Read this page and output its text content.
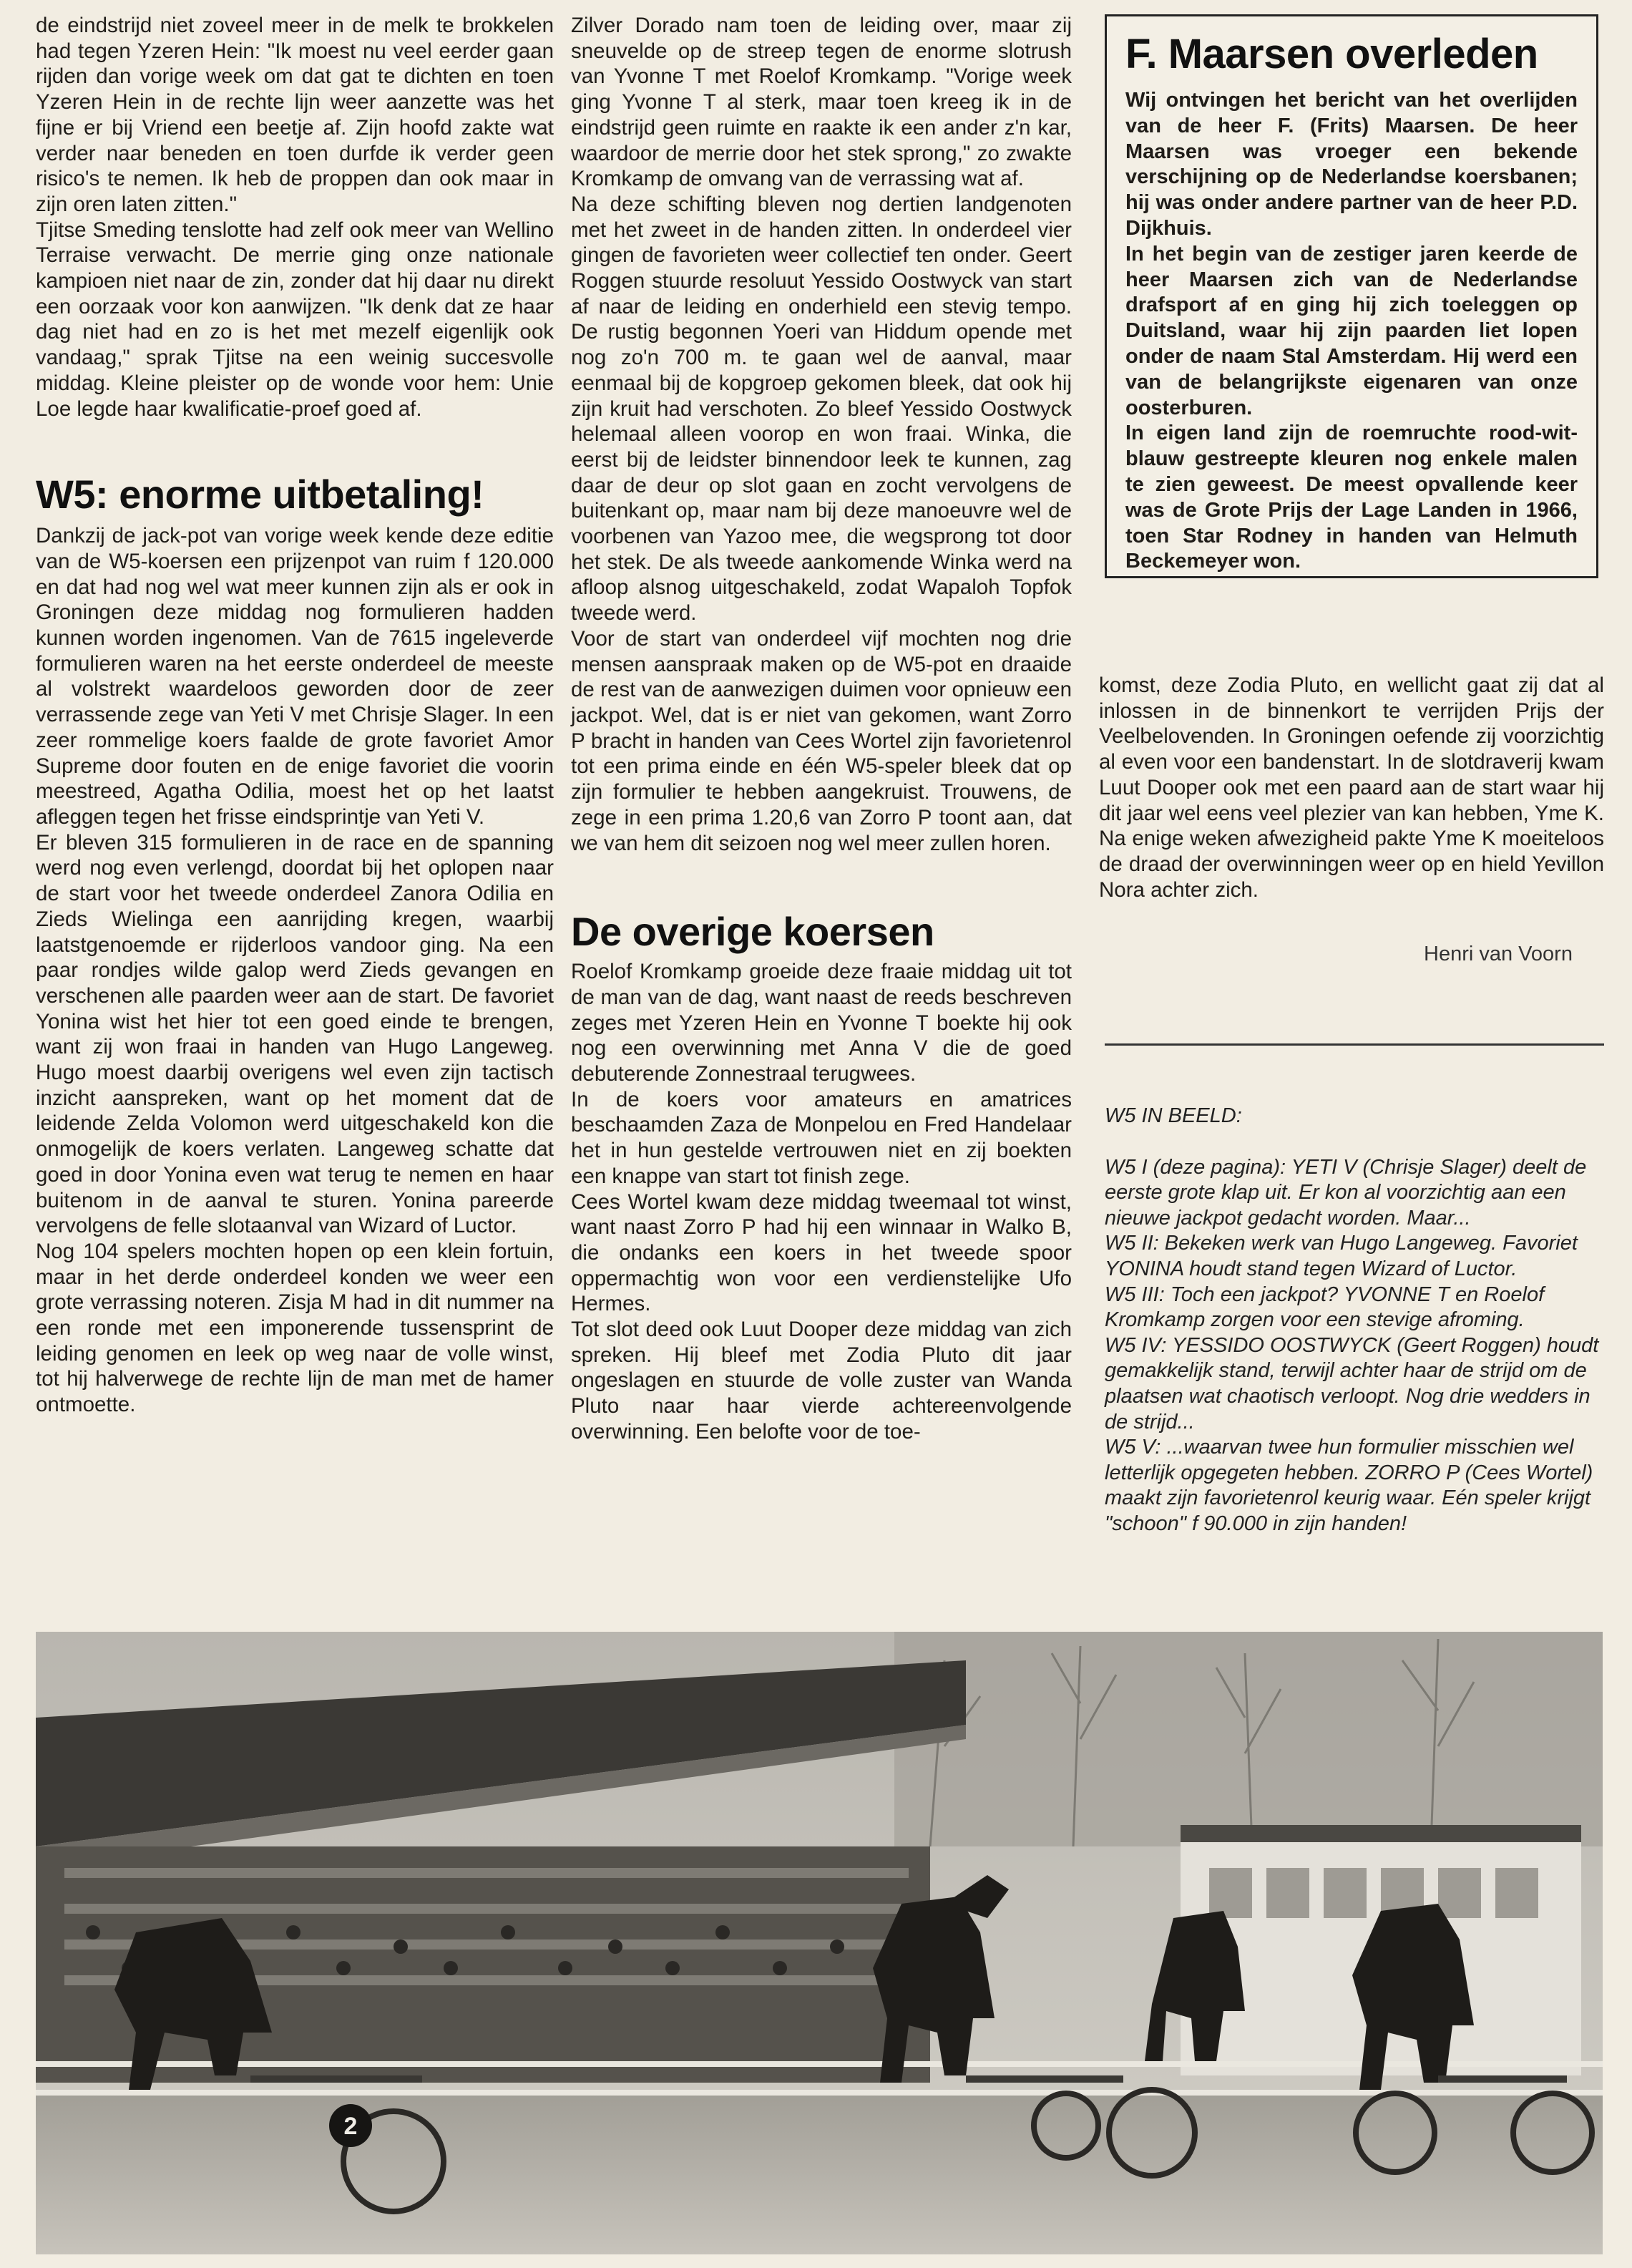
de eindstrijd niet zoveel meer in de melk te brokkelen had tegen Yzeren Hein: "Ik moest nu veel eerder gaan rijden dan vorige week om dat gat te dichten en toen Yzeren Hein in de rechte lijn weer aanzette was het fijne er bij Vriend een beetje af. Zijn hoofd zakte wat verder naar beneden en toen durfde ik verder geen risico's te nemen. Ik heb de proppen dan ook maar in zijn oren laten zitten."

Tjitse Smeding tenslotte had zelf ook meer van Wellino Terraise verwacht. De merrie ging onze nationale kampioen niet naar de zin, zonder dat hij daar nu direkt een oorzaak voor kon aanwijzen. "Ik denk dat ze haar dag niet had en zo is het met mezelf eigenlijk ook vandaag," sprak Tjitse na een weinig succesvolle middag. Kleine pleister op de wonde voor hem: Unie Loe legde haar kwalificatie-proef goed af.

W5: enorme uitbetaling!

Dankzij de jack-pot van vorige week kende deze editie van de W5-koersen een prijzenpot van ruim f 120.000 en dat had nog wel wat meer kunnen zijn als er ook in Groningen deze middag nog formulieren hadden kunnen worden ingenomen. Van de 7615 ingeleverde formulieren waren na het eerste onderdeel de meeste al volstrekt waardeloos geworden door de zeer verrassende zege van Yeti V met Chrisje Slager. In een zeer rommelige koers faalde de grote favoriet Amor Supreme door fouten en de enige favoriet die voorin meestreed, Agatha Odilia, moest het op het laatst afleggen tegen het frisse eindsprintje van Yeti V.

Er bleven 315 formulieren in de race en de spanning werd nog even verlengd, doordat bij het oplopen naar de start voor het tweede onderdeel Zanora Odilia en Zieds Wielinga een aanrijding kregen, waarbij laatstgenoemde er rijderloos vandoor ging. Na een paar rondjes wilde galop werd Zieds gevangen en verschenen alle paarden weer aan de start. De favoriet Yonina wist het hier tot een goed einde te brengen, want zij won fraai in handen van Hugo Langeweg. Hugo moest daarbij overigens wel even zijn tactisch inzicht aanspreken, want op het moment dat de leidende Zelda Volomon werd uitgeschakeld kon die onmogelijk de koers verlaten. Langeweg schatte dat goed in door Yonina even wat terug te nemen en haar buitenom in de aanval te sturen. Yonina pareerde vervolgens de felle slotaanval van Wizard of Luctor.

Nog 104 spelers mochten hopen op een klein fortuin, maar in het derde onderdeel konden we weer een grote verrassing noteren. Zisja M had in dit nummer na een ronde met een imponerende tussensprint de leiding genomen en leek op weg naar de volle winst, tot hij halverwege de rechte lijn de man met de hamer ontmoette.

Zilver Dorado nam toen de leiding over, maar zij sneuvelde op de streep tegen de enorme slotrush van Yvonne T met Roelof Kromkamp. "Vorige week ging Yvonne T al sterk, maar toen kreeg ik in de eindstrijd geen ruimte en raakte ik een ander z'n kar, waardoor de merrie door het stek sprong," zo zwakte Kromkamp de omvang van de verrassing wat af.

Na deze schifting bleven nog dertien landgenoten met het zweet in de handen zitten. In onderdeel vier gingen de favorieten weer collectief ten onder. Geert Roggen stuurde resoluut Yessido Oostwyck van start af naar de leiding en onderhield een stevig tempo. De rustig begonnen Yoeri van Hiddum opende met nog zo'n 700 m. te gaan wel de aanval, maar eenmaal bij de kopgroep gekomen bleek, dat ook hij zijn kruit had verschoten. Zo bleef Yessido Oostwyck helemaal alleen voorop en won fraai. Winka, die eerst bij de leidster binnendoor leek te kunnen, zag daar de deur op slot gaan en zocht vervolgens de buitenkant op, maar nam bij deze manoeuvre wel de voorbenen van Yazoo mee, die wegsprong tot door het stek. De als tweede aankomende Winka werd na afloop alsnog uitgeschakeld, zodat Wapaloh Topfok tweede werd.

Voor de start van onderdeel vijf mochten nog drie mensen aanspraak maken op de W5-pot en draaide de rest van de aanwezigen duimen voor opnieuw een jackpot. Wel, dat is er niet van gekomen, want Zorro P bracht in handen van Cees Wortel zijn favorietenrol tot een prima einde en één W5-speler bleek dat op zijn formulier te hebben aangekruist. Trouwens, de zege in een prima 1.20,6 van Zorro P toont aan, dat we van hem dit seizoen nog wel meer zullen horen.

De overige koersen

Roelof Kromkamp groeide deze fraaie middag uit tot de man van de dag, want naast de reeds beschreven zeges met Yzeren Hein en Yvonne T boekte hij ook nog een overwinning met Anna V die de goed debuterende Zonnestraal terugwees.

In de koers voor amateurs en amatrices beschaamden Zaza de Monpelou en Fred Handelaar het in hun gestelde vertrouwen niet en zij boekten een knappe van start tot finish zege.

Cees Wortel kwam deze middag tweemaal tot winst, want naast Zorro P had hij een winnaar in Walko B, die ondanks een koers in het tweede spoor oppermachtig won voor een verdienstelijke Ufo Hermes.

Tot slot deed ook Luut Dooper deze middag van zich spreken. Hij bleef met Zodia Pluto dit jaar ongeslagen en stuurde de volle zuster van Wanda Pluto naar haar vierde achtereenvolgende overwinning. Een belofte voor de toe-

F. Maarsen overleden

Wij ontvingen het bericht van het overlijden van de heer F. (Frits) Maarsen. De heer Maarsen was vroeger een bekende verschijning op de Nederlandse koersbanen; hij was onder andere partner van de heer P.D. Dijkhuis.

In het begin van de zestiger jaren keerde de heer Maarsen zich van de Nederlandse drafsport af en ging hij zich toeleggen op Duitsland, waar hij zijn paarden liet lopen onder de naam Stal Amsterdam. Hij werd een van de belangrijkste eigenaren van onze oosterburen.

In eigen land zijn de roemruchte rood-wit-blauw gestreepte kleuren nog enkele malen te zien geweest. De meest opvallende keer was de Grote Prijs der Lage Landen in 1966, toen Star Rodney in handen van Helmuth Beckemeyer won.

komst, deze Zodia Pluto, en wellicht gaat zij dat al inlossen in de binnenkort te verrijden Prijs der Veelbelovenden. In Groningen oefende zij voorzichtig al even voor een bandenstart. In de slotdraverij kwam Luut Dooper ook met een paard aan de start waar hij dit jaar wel eens veel plezier van kan hebben, Yme K. Na enige weken afwezigheid pakte Yme K moeiteloos de draad der overwinningen weer op en hield Yevillon Nora achter zich.

Henri van Voorn

W5 IN BEELD:

W5 I (deze pagina): YETI V (Chrisje Slager) deelt de eerste grote klap uit. Er kon al voorzichtig aan een nieuwe jackpot gedacht worden. Maar...

W5 II: Bekeken werk van Hugo Langeweg. Favoriet YONINA houdt stand tegen Wizard of Luctor.

W5 III: Toch een jackpot? YVONNE T en Roelof Kromkamp zorgen voor een stevige afroming.

W5 IV: YESSIDO OOSTWYCK (Geert Roggen) houdt gemakkelijk stand, terwijl achter haar de strijd om de plaatsen wat chaotisch verloopt. Nog drie wedders in de strijd...

W5 V: ...waarvan twee hun formulier misschien wel letterlijk opgegeten hebben. ZORRO P (Cees Wortel) maakt zijn favorietenrol keurig waar. Eén speler krijgt "schoon" f 90.000 in zijn handen!

2
